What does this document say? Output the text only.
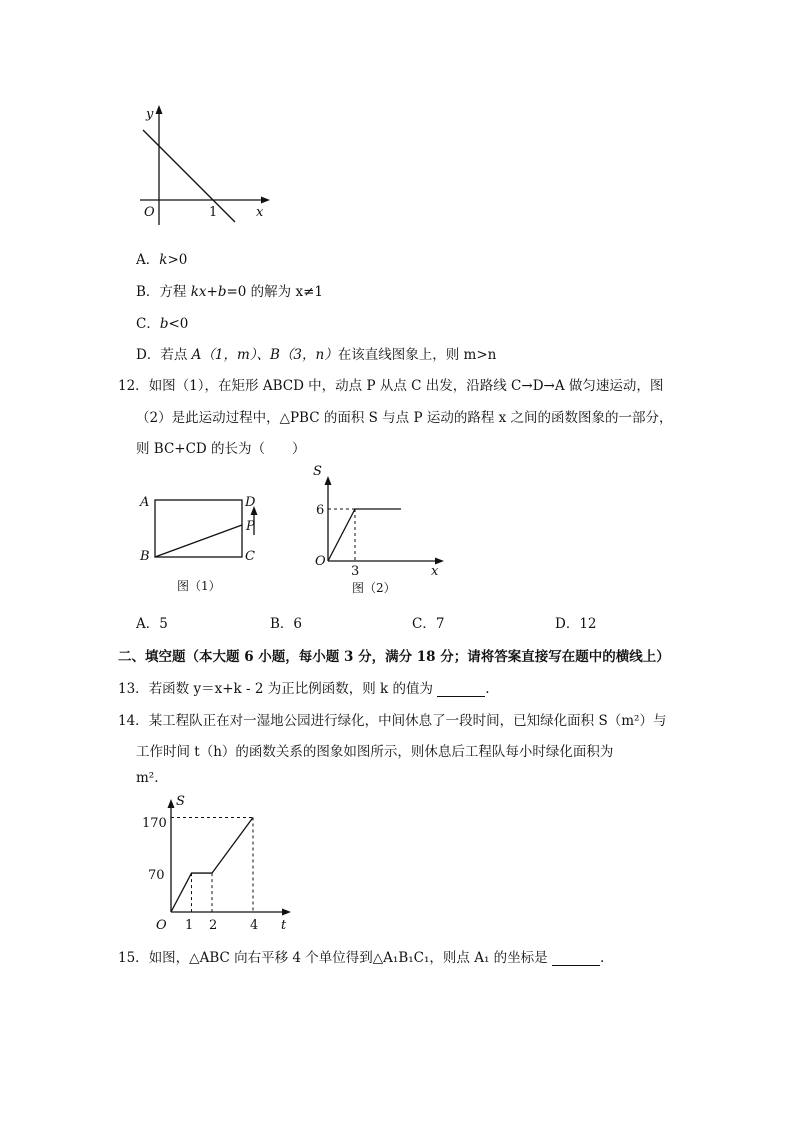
y
O	1	x
A．k>0
B．方程 kx+b=0 的解为 x≠1
C．b<0
D．若点 A（1，m）、B（3，n）在该直线图象上，则 m>n
12．如图（1），在矩形 ABCD 中，动点 P 从点 C 出发，沿路线 C→D→A 做匀速运动，图
（2）是此运动过程中，△PBC 的面积 S 与点 P 运动的路程 x 之间的函数图象的一部分，
则 BC+CD 的长为（　　）
A	D
P
B	C
图（1）
S
6
O
3	x
图（2）
A．5	B．6	C．7	D．12
二、填空题（本大题 6 小题，每小题 3 分，满分 18 分；请将答案直接写在题中的横线上）
13．若函数 y＝x+k - 2 为正比例函数，则 k 的值为	.
14．某工程队正在对一湿地公园进行绿化，中间休息了一段时间，已知绿化面积 S（m²）与
工作时间 t（h）的函数关系的图象如图所示，则休息后工程队每小时绿化面积为
m².
S
170
70
O 1 2	4 t
15．如图，△ABC 向右平移 4 个单位得到△A₁B₁C₁，则点 A₁ 的坐标是	.
